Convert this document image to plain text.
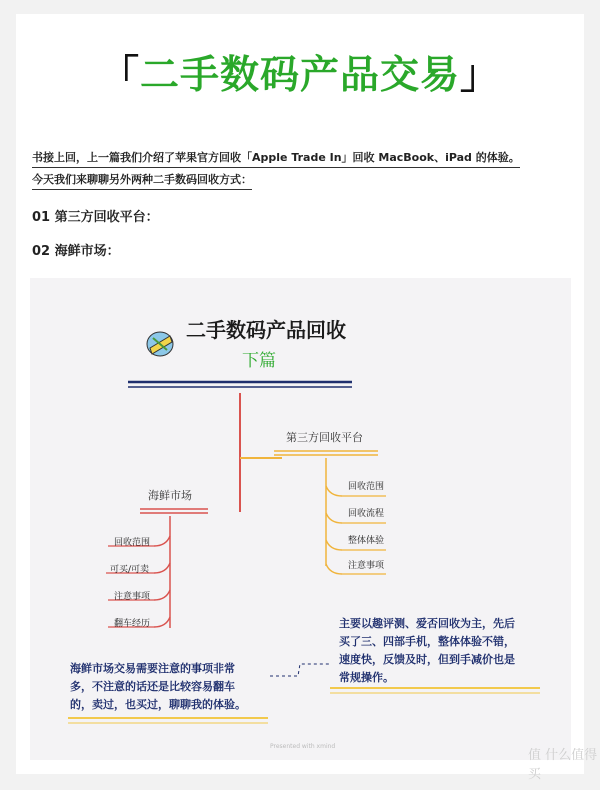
「二手数码产品交易」
书接上回，上一篇我们介绍了苹果官方回收「Apple Trade In」回收 MacBook、iPad 的体验。
今天我们来聊聊另外两种二手数码回收方式：
01 第三方回收平台：
02 海鲜市场：
二手数码产品回收
下篇
第三方回收平台
回收范围
回收流程
整体体验
注意事项
海鲜市场
回收范围
可买/可卖
注意事项
翻车经历	主要以趣评测、爱否回收为主，先后
买了三、四部手机，整体体验不错，
速度快，反馈及时，但到手减价也是
常规操作。
海鲜市场交易需要注意的事项非常
多，不注意的话还是比较容易翻车
的，卖过，也买过，聊聊我的体验。
Presented with xmind
值 什么值得买
